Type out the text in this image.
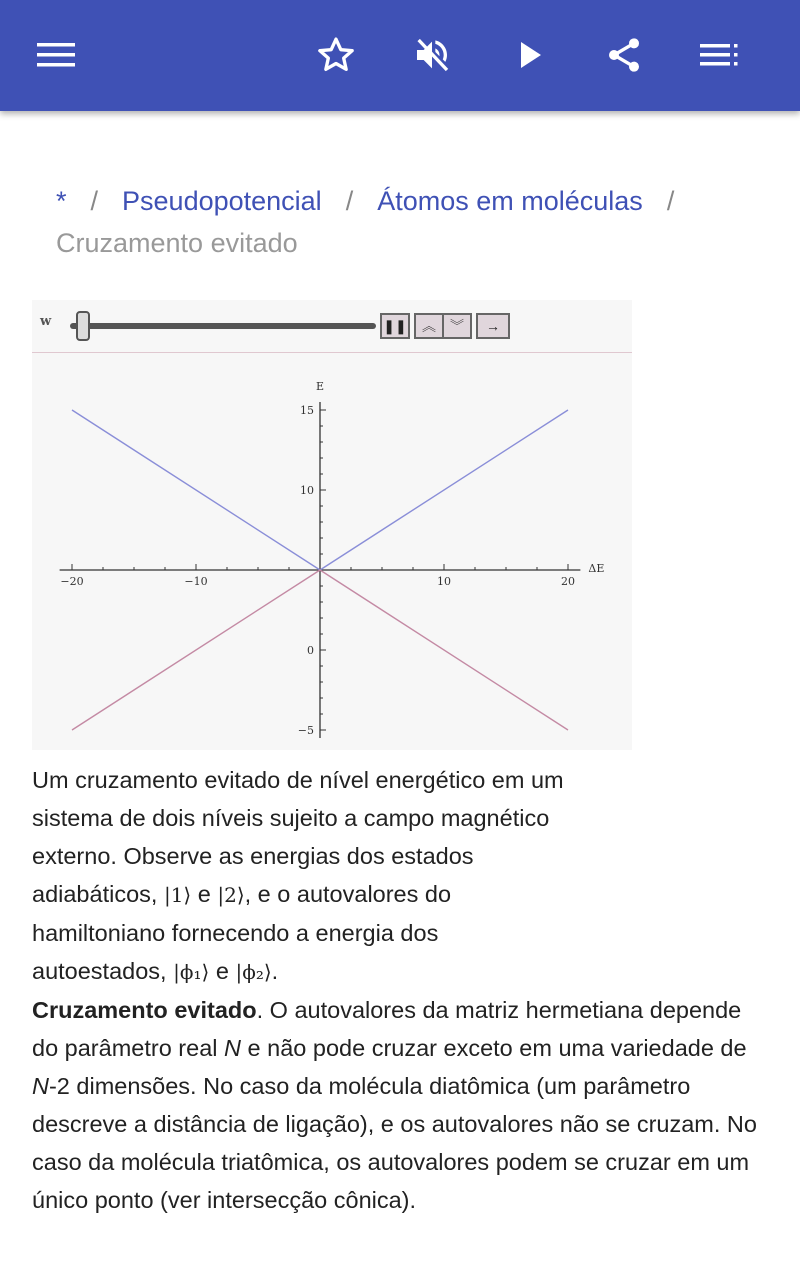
* / Pseudopotencial / Átomos em moléculas /
Cruzamento evitado
w	❚❚	︽	︾	→
−20	−10	10	20
15
10
0
−5
E
ΔE
Um cruzamento evitado de nível energético em um
sistema de dois níveis sujeito a campo magnético
externo. Observe as energias dos estados
adiabáticos, |1⟩ e |2⟩, e o autovalores do
hamiltoniano fornecendo a energia dos
autoestados, |ϕ₁⟩ e |ϕ₂⟩.
Cruzamento evitado. O autovalores da matriz hermetiana depende do parâmetro real N e não pode cruzar exceto em uma variedade de N-2 dimensões. No caso da molécula diatômica (um parâmetro descreve a distância de ligação), e os autovalores não se cruzam. No caso da molécula triatômica, os autovalores podem se cruzar em um único ponto (ver intersecção cônica).
